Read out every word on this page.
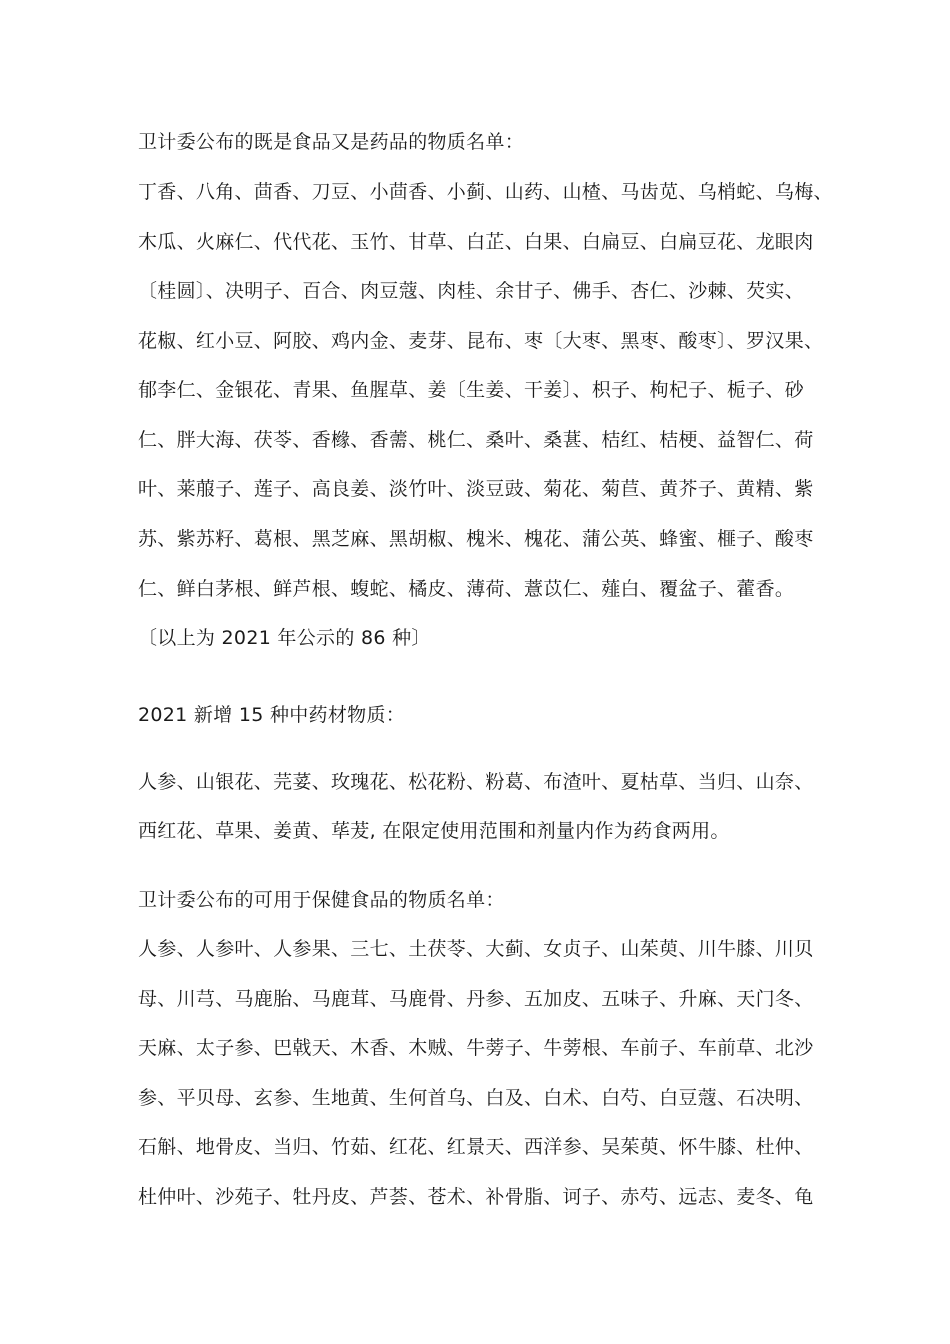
卫计委公布的既是食品又是药品的物质名单：
丁香、八角、茴香、刀豆、小茴香、小蓟、山药、山楂、马齿苋、乌梢蛇、乌梅、
木瓜、火麻仁、代代花、玉竹、甘草、白芷、白果、白扁豆、白扁豆花、龙眼肉
〔桂圆〕、决明子、百合、肉豆蔻、肉桂、余甘子、佛手、杏仁、沙棘、芡实、
花椒、红小豆、阿胶、鸡内金、麦芽、昆布、枣〔大枣、黑枣、酸枣〕、罗汉果、
郁李仁、金银花、青果、鱼腥草、姜〔生姜、干姜〕、枳子、枸杞子、栀子、砂
仁、胖大海、茯苓、香橼、香薷、桃仁、桑叶、桑葚、桔红、桔梗、益智仁、荷
叶、莱菔子、莲子、高良姜、淡竹叶、淡豆豉、菊花、菊苣、黄芥子、黄精、紫
苏、紫苏籽、葛根、黑芝麻、黑胡椒、槐米、槐花、蒲公英、蜂蜜、榧子、酸枣
仁、鲜白茅根、鲜芦根、蝮蛇、橘皮、薄荷、薏苡仁、薤白、覆盆子、藿香。
〔以上为 2021 年公示的 86 种〕
2021 新增 15 种中药材物质：
人参、山银花、芫荽、玫瑰花、松花粉、粉葛、布渣叶、夏枯草、当归、山奈、
西红花、草果、姜黄、荜茇, 在限定使用范围和剂量内作为药食两用。
卫计委公布的可用于保健食品的物质名单：
人参、人参叶、人参果、三七、土茯苓、大蓟、女贞子、山茱萸、川牛膝、川贝
母、川芎、马鹿胎、马鹿茸、马鹿骨、丹参、五加皮、五味子、升麻、天门冬、
天麻、太子参、巴戟天、木香、木贼、牛蒡子、牛蒡根、车前子、车前草、北沙
参、平贝母、玄参、生地黄、生何首乌、白及、白术、白芍、白豆蔻、石决明、
石斛、地骨皮、当归、竹茹、红花、红景天、西洋参、吴茱萸、怀牛膝、杜仲、
杜仲叶、沙苑子、牡丹皮、芦荟、苍术、补骨脂、诃子、赤芍、远志、麦冬、龟
